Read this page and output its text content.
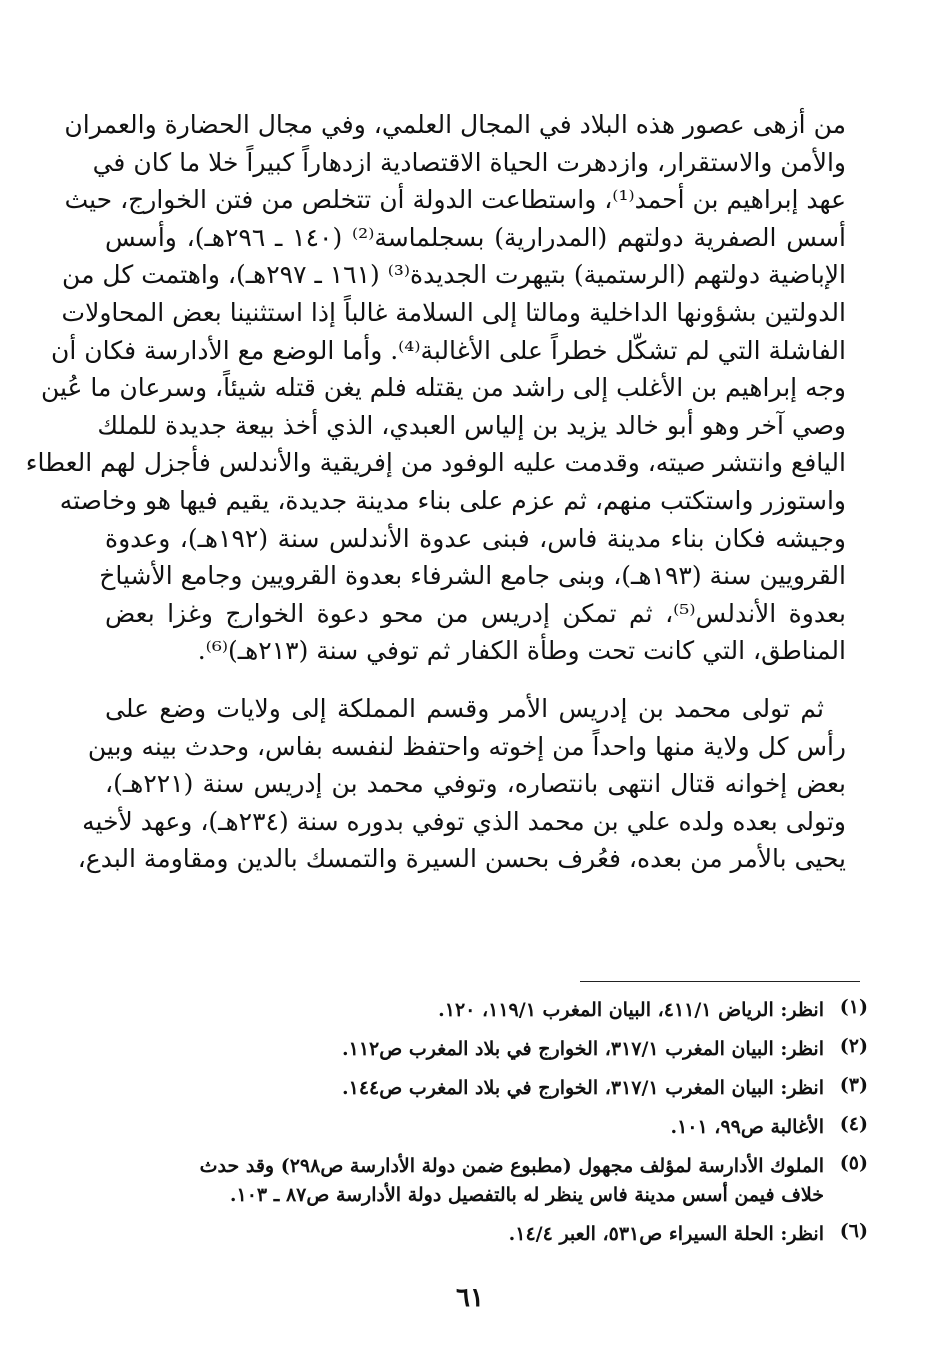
من أزهى عصور هذه البلاد في المجال العلمي، وفي مجال الحضارة والعمران
والأمن والاستقرار، وازدهرت الحياة الاقتصادية ازدهاراً كبيراً خلا ما كان في
عهد إبراهيم بن أحمد⁽¹⁾، واستطاعت الدولة أن تتخلص من فتن الخوارج، حيث
أسس الصفرية دولتهم (المدرارية) بسجلماسة⁽²⁾ (١٤٠ ـ ٢٩٦هـ)، وأسس
الإباضية دولتهم (الرستمية) بتيهرت الجديدة⁽³⁾ (١٦١ ـ ٢٩٧هـ)، واهتمت كل من
الدولتين بشؤونها الداخلية ومالتا إلى السلامة غالباً إذا استثنينا بعض المحاولات
الفاشلة التي لم تشكّل خطراً على الأغالبة⁽⁴⁾. وأما الوضع مع الأدارسة فكان أن
وجه إبراهيم بن الأغلب إلى راشد من يقتله فلم يغن قتله شيئاً، وسرعان ما عُين
وصي آخر وهو أبو خالد يزيد بن إلياس العبدي، الذي أخذ بيعة جديدة للملك
اليافع وانتشر صيته، وقدمت عليه الوفود من إفريقية والأندلس فأجزل لهم العطاء
واستوزر واستكتب منهم، ثم عزم على بناء مدينة جديدة، يقيم فيها هو وخاصته
وجيشه فكان بناء مدينة فاس، فبنى عدوة الأندلس سنة (١٩٢هـ)، وعدوة
القرويين سنة (١٩٣هـ)، وبنى جامع الشرفاء بعدوة القرويين وجامع الأشياخ
بعدوة الأندلس⁽⁵⁾، ثم تمكن إدريس من محو دعوة الخوارج وغزا بعض
المناطق، التي كانت تحت وطأة الكفار ثم توفي سنة (٢١٣هـ)⁽⁶⁾.
ثم تولى محمد بن إدريس الأمر وقسم المملكة إلى ولايات وضع على
رأس كل ولاية منها واحداً من إخوته واحتفظ لنفسه بفاس، وحدث بينه وبين
بعض إخوانه قتال انتهى بانتصاره، وتوفي محمد بن إدريس سنة (٢٢١هـ)،
وتولى بعده ولده علي بن محمد الذي توفي بدوره سنة (٢٣٤هـ)، وعهد لأخيه
يحيى بالأمر من بعده، فعُرف بحسن السيرة والتمسك بالدين ومقاومة البدع،
(١)
انظر: الرياض ٤١١/١، البيان المغرب ١١٩/١، ١٢٠.
(٢)
انظر: البيان المغرب ٣١٧/١، الخوارج في بلاد المغرب ص١١٢.
(٣)
انظر: البيان المغرب ٣١٧/١، الخوارج في بلاد المغرب ص١٤٤.
(٤)
الأغالبة ص٩٩، ١٠١.
(٥)
الملوك الأدارسة لمؤلف مجهول (مطبوع ضمن دولة الأدارسة ص٢٩٨) وقد حدث
خلاف فيمن أسس مدينة فاس ينظر له بالتفصيل دولة الأدارسة ص٨٧ ـ ١٠٣.
(٦)
انظر: الحلة السيراء ص٥٣١، العبر ١٤/٤.
٦١
